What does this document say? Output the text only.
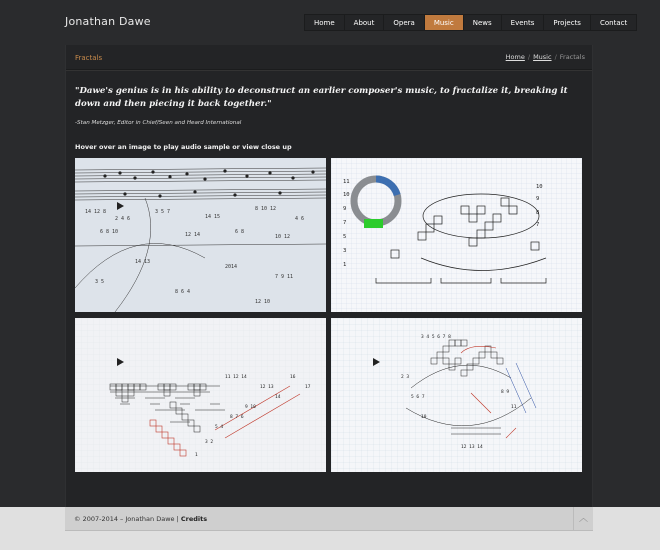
Jonathan Dawe	Home	About	Opera	Music	News	Events	Projects	Contact
Fractals	Home / Music / Fractals
"Dawe's genius is in his ability to deconstruct an earlier composer's music, to fractalize it, breaking it down and then piecing it back together."
-Stan Metzger, Editor in Chief/Seen and Heard International
Hover over an image to play audio sample or view close up
14 12 8
2 4 6
3 5 7
14 15
8 10 12
4 6
6 8 10	12 14	6 8
10 12
14 13
2014
7 9 11
3 5
8 6 4
12 10
11
10
9
7
5
3
1
10
9
8
7
11 12 14
12 13
14
9 10
8 7 6
5 4
3 2
1
16
17
3 4 5 6 7 8
2 3
5 6 7
10
8 9
11
12 13 14
© 2007-2014 – Jonathan Dawe | Credits	︿
